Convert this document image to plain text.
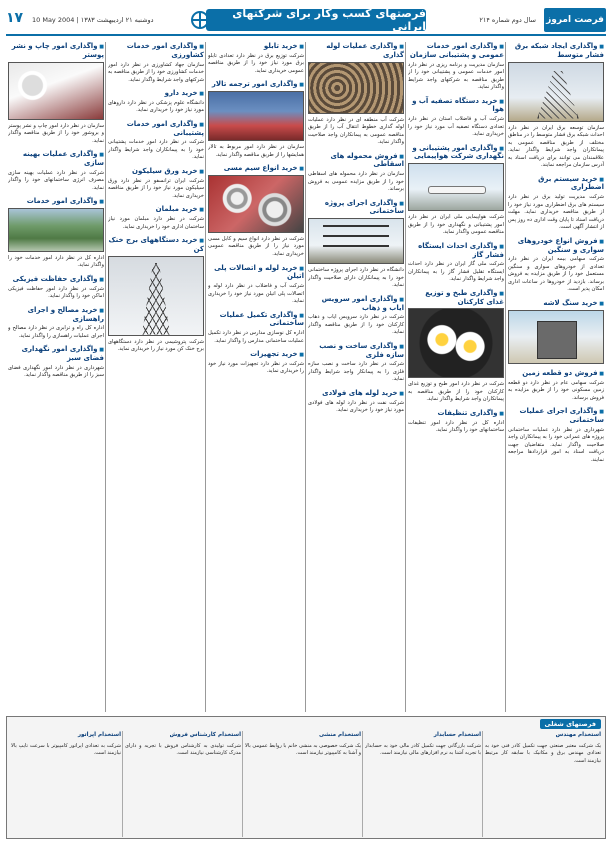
فرصت امروز
سال دوم شماره ۲۱۴
فرصتهای کسب وکار برای شرکتهای ایرانی
10 May 2004 | ۱۳۸۳ دوشنبه ۲۱ اردیبهشت
۱۷
■ واگذاری ایجاد شبکه برق فشار متوسط
سازمان توسعه برق ایران در نظر دارد احداث شبکه برق فشار متوسط را در مناطق مختلف از طریق مناقصه عمومی به پیمانکاران واجد شرایط واگذار نماید. علاقمندان می توانند برای دریافت اسناد به آدرس سازمان مراجعه نمایند.
■ خرید سیستم برق اضطراری
شرکت مدیریت تولید برق در نظر دارد سیستم های برق اضطراری مورد نیاز خود را از طریق مناقصه خریداری نماید. مهلت دریافت اسناد تا پایان وقت اداری ده روز پس از انتشار آگهی است.
■ فروش انواع خودروهای سواری و سنگین
شرکت سهامی بیمه ایران در نظر دارد تعدادی از خودروهای سواری و سنگین مستعمل خود را از طریق مزایده به فروش برساند. بازدید از خودروها در ساعات اداری امکان پذیر است.
■ خرید سنگ لاشه
■ فروش دو قطعه زمین
شرکت سهامی عام در نظر دارد دو قطعه زمین مسکونی خود را از طریق مزایده به فروش برساند.
■ واگذاری اجرای عملیات ساختمانی
شهرداری در نظر دارد عملیات ساختمانی پروژه های عمرانی خود را به پیمانکاران واجد صلاحیت واگذار نماید. متقاضیان جهت دریافت اسناد به امور قراردادها مراجعه نمایند.
■ واگذاری امور خدمات عمومی و پشتیبانی سازمان
سازمان مدیریت و برنامه ریزی در نظر دارد امور خدمات عمومی و پشتیبانی خود را از طریق مناقصه به شرکتهای واجد شرایط واگذار نماید.
■ خرید دستگاه تصفیه آب و هوا
شرکت آب و فاضلاب استان در نظر دارد تعدادی دستگاه تصفیه آب مورد نیاز خود را خریداری نماید.
■ واگذاری امور پشتیبانی و نگهداری شرکت هواپیمایی
شرکت هواپیمایی ملی ایران در نظر دارد امور پشتیبانی و نگهداری خود را از طریق مناقصه عمومی واگذار نماید.
■ واگذاری احداث ایستگاه فشار گاز
شرکت ملی گاز ایران در نظر دارد احداث ایستگاه تقلیل فشار گاز را به پیمانکاران واجد شرایط واگذار نماید.
■ واگذاری طبخ و توزیع غذای کارکنان
شرکت در نظر دارد امور طبخ و توزیع غذای کارکنان خود را از طریق مناقصه به پیمانکاران واجد شرایط واگذار نماید.
■ واگذاری تنظیفات
اداره کل در نظر دارد امور تنظیفات ساختمانهای خود را واگذار نماید.
■ واگذاری عملیات لوله گذاری
شرکت آب منطقه ای در نظر دارد عملیات لوله گذاری خطوط انتقال آب را از طریق مناقصه عمومی به پیمانکاران واجد صلاحیت واگذار نماید.
■ فروش محموله های اسقاطی
سازمان در نظر دارد محموله های اسقاطی خود را از طریق مزایده عمومی به فروش برساند.
■ واگذاری اجرای پروژه ساختمانی
دانشگاه در نظر دارد اجرای پروژه ساختمانی خود را به پیمانکاران دارای صلاحیت واگذار نماید.
■ واگذاری امور سرویس ایاب و ذهاب
شرکت در نظر دارد سرویس ایاب و ذهاب کارکنان خود را از طریق مناقصه واگذار نماید.
■ واگذاری ساخت و نصب سازه فلزی
شرکت در نظر دارد ساخت و نصب سازه فلزی را به پیمانکار واجد شرایط واگذار نماید.
■ خرید لوله های فولادی
شرکت نفت در نظر دارد لوله های فولادی مورد نیاز خود را خریداری نماید.
■ خرید تابلو
شرکت توزیع برق در نظر دارد تعدادی تابلو برق مورد نیاز خود را از طریق مناقصه عمومی خریداری نماید.
■ واگذاری امور ترجمه تالار
سازمان در نظر دارد امور مربوط به تالار همایشها را از طریق مناقصه واگذار نماید.
■ خرید انواع سیم مسی
شرکت در نظر دارد انواع سیم و کابل مسی مورد نیاز را از طریق مناقصه عمومی خریداری نماید.
■ خرید لوله و اتصالات پلی اتیلن
شرکت آب و فاضلاب در نظر دارد لوله و اتصالات پلی اتیلن مورد نیاز خود را خریداری نماید.
■ واگذاری تکمیل عملیات ساختمانی
اداره کل نوسازی مدارس در نظر دارد تکمیل عملیات ساختمانی مدارس را واگذار نماید.
■ خرید تجهیزات
شرکت در نظر دارد تجهیزات مورد نیاز خود را خریداری نماید.
■ واگذاری امور خدمات کشاورزی
سازمان جهاد کشاورزی در نظر دارد امور خدمات کشاورزی خود را از طریق مناقصه به شرکتهای واجد شرایط واگذار نماید.
■ خرید دارو
دانشگاه علوم پزشکی در نظر دارد داروهای مورد نیاز خود را خریداری نماید.
■ واگذاری امور خدمات پشتیبانی
شرکت در نظر دارد امور خدمات پشتیبانی خود را به پیمانکاران واجد شرایط واگذار نماید.
■ خرید ورق سیلیکون
شرکت ایران ترانسفو در نظر دارد ورق سیلیکون مورد نیاز خود را از طریق مناقصه خریداری نماید.
■ خرید مبلمان
شرکت در نظر دارد مبلمان مورد نیاز ساختمان اداری خود را خریداری نماید.
■ خرید دستگاههای برج خنک کن
شرکت پتروشیمی در نظر دارد دستگاههای برج خنک کن مورد نیاز را خریداری نماید.
■ واگذاری امور چاپ و نشر پوستر
سازمان در نظر دارد امور چاپ و نشر پوستر و بروشور خود را از طریق مناقصه واگذار نماید.
■ واگذاری عملیات بهینه سازی
شرکت در نظر دارد عملیات بهینه سازی مصرف انرژی ساختمانهای خود را واگذار نماید.
■ واگذاری امور خدمات
اداره کل در نظر دارد امور خدمات خود را واگذار نماید.
■ واگذاری حفاظت فیزیکی
شرکت در نظر دارد امور حفاظت فیزیکی اماکن خود را واگذار نماید.
■ خرید مصالح و اجرای راهسازی
اداره کل راه و ترابری در نظر دارد مصالح و اجرای عملیات راهسازی را واگذار نماید.
■ واگذاری امور نگهداری فضای سبز
شهرداری در نظر دارد امور نگهداری فضای سبز را از طریق مناقصه واگذار نماید.
فرصتهای شغلی
استخدام مهندس
یک شرکت معتبر صنعتی جهت تکمیل کادر فنی خود به تعدادی مهندس برق و مکانیک با سابقه کار مرتبط نیازمند است.
استخدام حسابدار
شرکت بازرگانی جهت تکمیل کادر مالی خود به حسابدار با تجربه آشنا به نرم افزارهای مالی نیازمند است.
استخدام منشی
یک شرکت خصوصی به منشی خانم با روابط عمومی بالا و آشنا به کامپیوتر نیازمند است.
استخدام کارشناس فروش
شرکت تولیدی به کارشناس فروش با تجربه و دارای مدرک کارشناسی نیازمند است.
استخدام اپراتور
شرکت به تعدادی اپراتور کامپیوتر با سرعت تایپ بالا نیازمند است.
